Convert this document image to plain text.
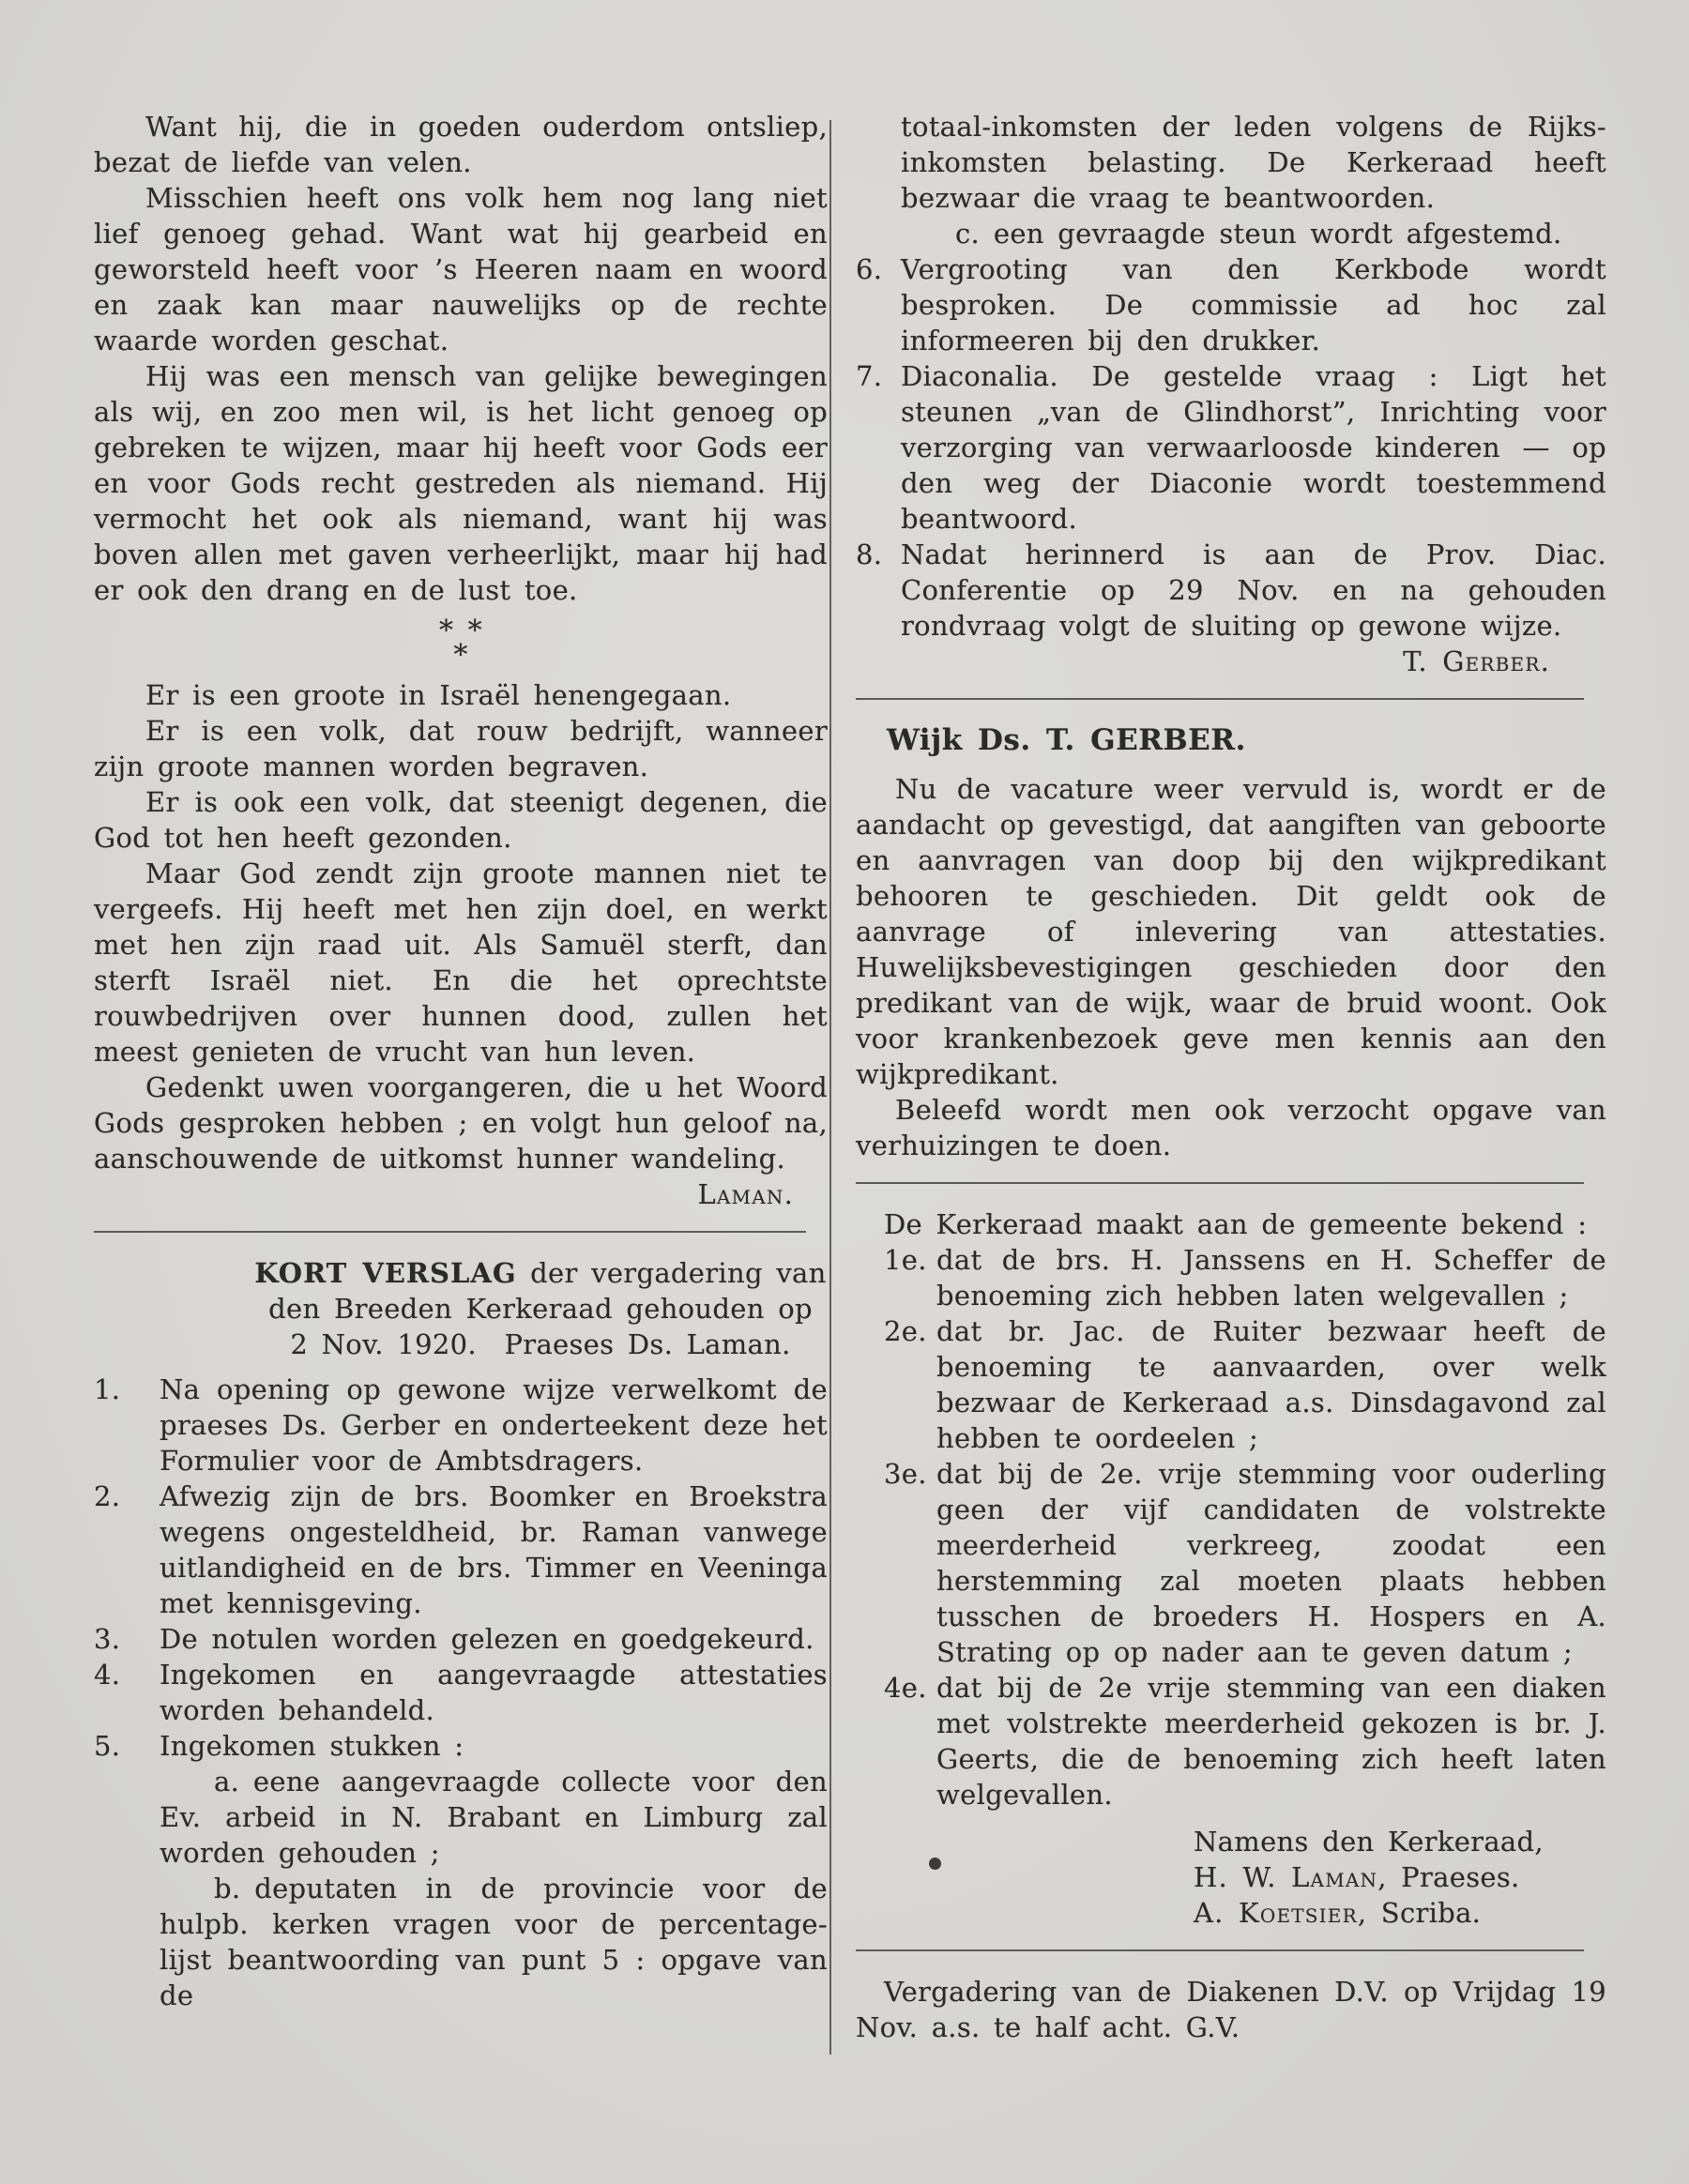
Want hij, die in goeden ouderdom ontsliep, bezat de liefde van velen.

Misschien heeft ons volk hem nog lang niet lief genoeg gehad. Want wat hij gearbeid en geworsteld heeft voor ’s Heeren naam en woord en zaak kan maar nauwelijks op de rechte waarde worden geschat.

Hij was een mensch van gelijke bewegingen als wij, en zoo men wil, is het licht genoeg op gebreken te wijzen, maar hij heeft voor Gods eer en voor Gods recht gestreden als niemand. Hij vermocht het ook als niemand, want hij was boven allen met gaven verheerlijkt, maar hij had er ook den drang en de lust toe.

* *
*

Er is een groote in Israël henengegaan.

Er is een volk, dat rouw bedrijft, wanneer zijn groote mannen worden begraven.

Er is ook een volk, dat steenigt degenen, die God tot hen heeft gezonden.

Maar God zendt zijn groote mannen niet te vergeefs. Hij heeft met hen zijn doel, en werkt met hen zijn raad uit. Als Samuël sterft, dan sterft Israël niet. En die het oprechtste rouwbedrijven over hunnen dood, zullen het meest genieten de vrucht van hun leven.

Gedenkt uwen voorgangeren, die u het Woord Gods gesproken hebben ; en volgt hun geloof na, aanschouwende de uitkomst hunner wandeling.

Laman.

KORT VERSLAG der vergadering van
den Breeden Kerkeraad gehouden op
2 Nov. 1920.  Praeses Ds. Laman.
1.	Na opening op gewone wijze verwelkomt de praeses Ds. Gerber en onderteekent deze het Formulier voor de Ambtsdragers.
2.	Afwezig zijn de brs. Boomker en Broekstra wegens ongesteldheid, br. Raman vanwege uitlandigheid en de brs. Timmer en Veeninga met kennisgeving.
3.	De notulen worden gelezen en goedgekeurd.
4.	Ingekomen en aangevraagde attestaties worden behandeld.
5.	Ingekomen stukken :

a.  eene aangevraagde collecte voor den Ev. arbeid in N. Brabant en Limburg zal worden gehouden ;

b.  deputaten in de provincie voor de hulpb. kerken vragen voor de percentage-lijst beantwoording van punt 5 : opgave van de

totaal-inkomsten der leden volgens de Rijks-inkomsten belasting. De Kerkeraad heeft bezwaar die vraag te beantwoorden.

c.  een gevraagde steun wordt afgestemd.

6. Vergrooting van den Kerkbode wordt besproken. De commissie ad hoc zal informeeren bij den drukker.
7. Diaconalia. De gestelde vraag : Ligt het steunen „van de Glindhorst”, Inrichting voor verzorging van verwaarloosde kinderen — op den weg der Diaconie wordt toestemmend beantwoord.
8. Nadat herinnerd is aan de Prov. Diac. Conferentie op 29 Nov. en na gehouden rondvraag volgt de sluiting op gewone wijze.

T. Gerber.

Wijk Ds. T. GERBER.

Nu de vacature weer vervuld is, wordt er de aandacht op gevestigd, dat aangiften van geboorte en aanvragen van doop bij den wijkpredikant behooren te geschieden. Dit geldt ook de aanvrage of inlevering van attestaties. Huwelijksbevestigingen geschieden door den predikant van de wijk, waar de bruid woont. Ook voor krankenbezoek geve men kennis aan den wijkpredikant.

Beleefd wordt men ook verzocht opgave van verhuizingen te doen.

De Kerkeraad maakt aan de gemeente bekend :

1e. dat de brs. H. Janssens en H. Scheffer de benoeming zich hebben laten welgevallen ;
2e. dat br. Jac. de Ruiter bezwaar heeft de benoeming te aanvaarden, over welk bezwaar de Kerkeraad a.s. Dinsdagavond zal hebben te oordeelen ;
3e. dat bij de 2e. vrije stemming voor ouderling geen der vijf candidaten de volstrekte meerderheid verkreeg, zoodat een herstemming zal moeten plaats hebben tusschen de broeders H. Hospers en A. Strating op op nader aan te geven datum ;
4e. dat bij de 2e vrije stemming van een diaken met volstrekte meerderheid gekozen is br. J. Geerts, die de benoeming zich heeft laten welgevallen.
Namens den Kerkeraad,
H. W. Laman, Praeses.
A. Koetsier, Scriba.

Vergadering van de Diakenen D.V. op Vrijdag 19 Nov. a.s. te half acht. G.V.
